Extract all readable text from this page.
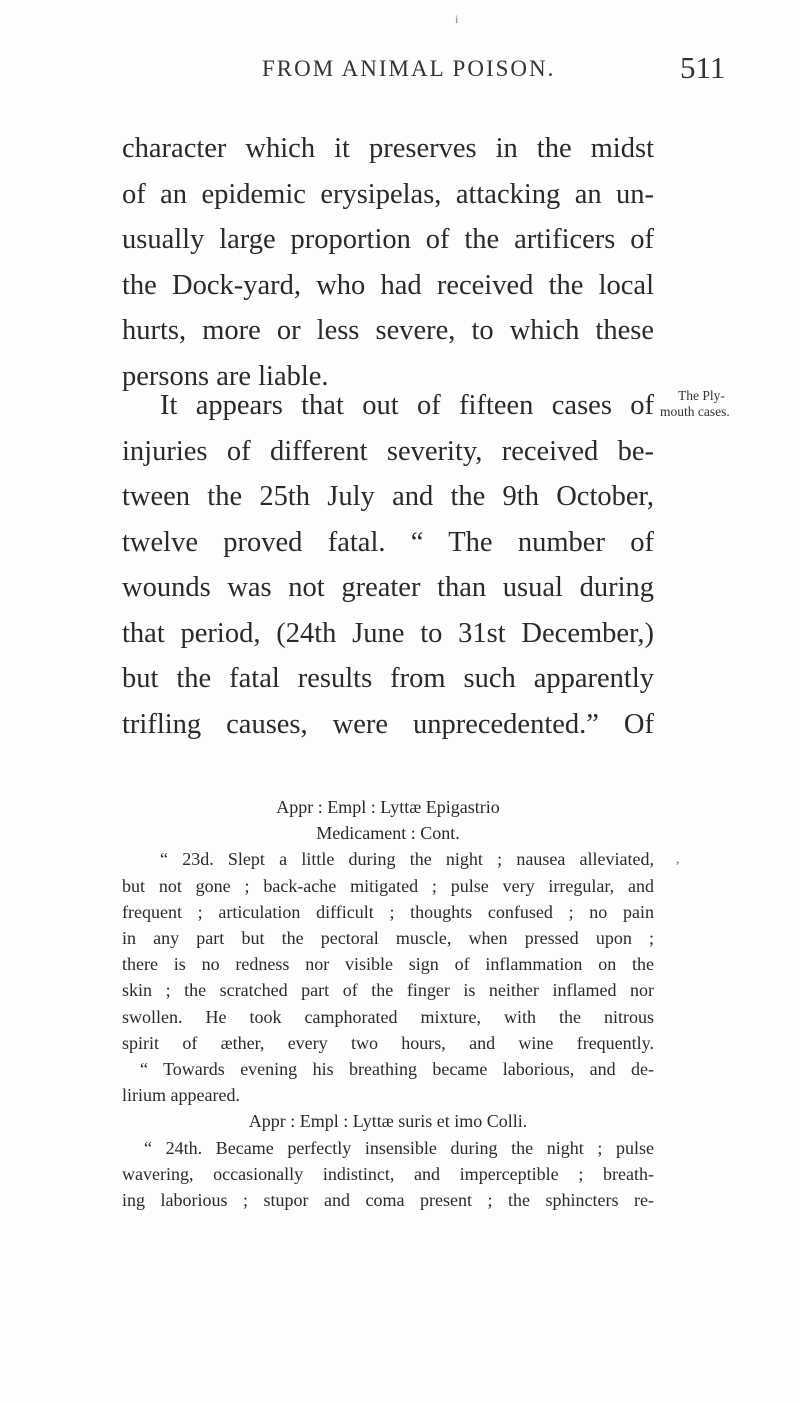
i
FROM ANIMAL POISON.	511
character which it preserves in the midst
of an epidemic erysipelas, attacking an un-
usually large proportion of the artificers of
the Dock-yard, who had received the local
hurts, more or less severe, to which these
persons are liable.
It appears that out of fifteen cases of
injuries of different severity, received be-
tween the 25th July and the 9th October,
twelve proved fatal. “ The number of
wounds was not greater than usual during
that period, (24th June to 31st December,)
but the fatal results from such apparently
trifling causes, were unprecedented.” Of
The Ply-
mouth cases.
,
Appr : Empl : Lyttæ Epigastrio
Medicament : Cont.
“ 23d. Slept a little during the night ; nausea alleviated,
but not gone ; back-ache mitigated ; pulse very irregular, and
frequent ; articulation difficult ; thoughts confused ; no pain
in any part but the pectoral muscle, when pressed upon ;
there is no redness nor visible sign of inflammation on the
skin ; the scratched part of the finger is neither inflamed nor
swollen. He took camphorated mixture, with the nitrous
spirit of æther, every two hours, and wine frequently.
“ Towards evening his breathing became laborious, and de-
lirium appeared.
Appr : Empl : Lyttæ suris et imo Colli.
“ 24th. Became perfectly insensible during the night ; pulse
wavering, occasionally indistinct, and imperceptible ; breath-
ing laborious ; stupor and coma present ; the sphincters re-
